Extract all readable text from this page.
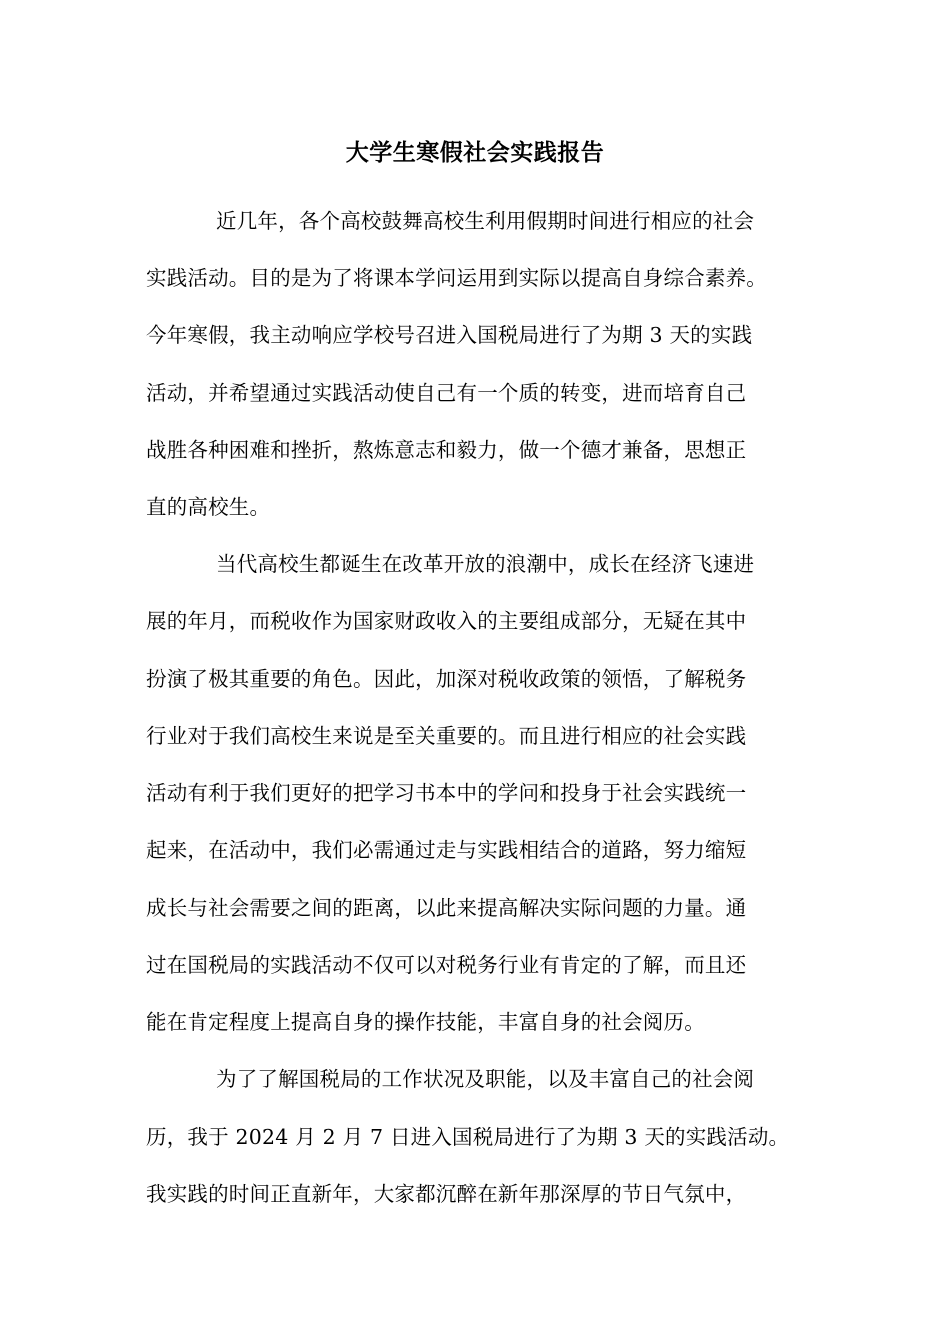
大学生寒假社会实践报告
近几年，各个高校鼓舞高校生利用假期时间进行相应的社会
实践活动。目的是为了将课本学问运用到实际以提高自身综合素养。
今年寒假，我主动响应学校号召进入国税局进行了为期 3 天的实践
活动，并希望通过实践活动使自己有一个质的转变，进而培育自己
战胜各种困难和挫折，熬炼意志和毅力，做一个德才兼备，思想正
直的高校生。
当代高校生都诞生在改革开放的浪潮中，成长在经济飞速进
展的年月，而税收作为国家财政收入的主要组成部分，无疑在其中
扮演了极其重要的角色。因此，加深对税收政策的领悟，了解税务
行业对于我们高校生来说是至关重要的。而且进行相应的社会实践
活动有利于我们更好的把学习书本中的学问和投身于社会实践统一
起来，在活动中，我们必需通过走与实践相结合的道路，努力缩短
成长与社会需要之间的距离，以此来提高解决实际问题的力量。通
过在国税局的实践活动不仅可以对税务行业有肯定的了解，而且还
能在肯定程度上提高自身的操作技能，丰富自身的社会阅历。
为了了解国税局的工作状况及职能，以及丰富自己的社会阅
历，我于 2024 月 2 月 7 日进入国税局进行了为期 3 天的实践活动。
我实践的时间正直新年，大家都沉醉在新年那深厚的节日气氛中，
